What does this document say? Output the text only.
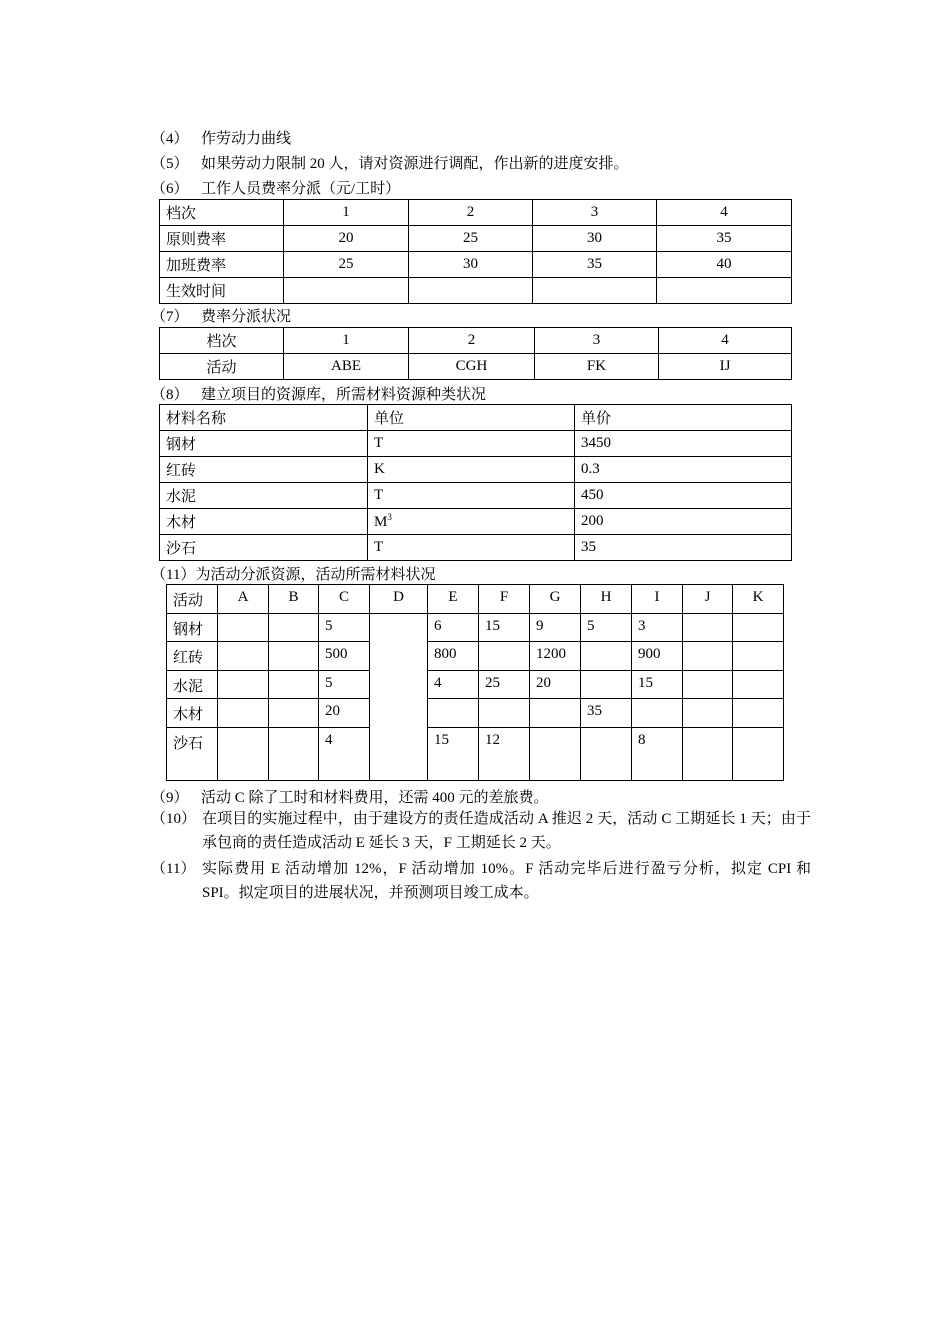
（4） 作劳动力曲线
（5） 如果劳动力限制 20 人，请对资源进行调配，作出新的进度安排。
（6） 工作人员费率分派（元/工时）
档次	1	2	3	4
原则费率	20	25	30	35
加班费率	25	30	35	40
生效时间				
（7） 费率分派状况
档次	1	2	3	4
活动	ABE	CGH	FK	IJ
（8） 建立项目的资源库，所需材料资源种类状况
材料名称	单位	单价
钢材	T	3450
红砖	K	0.3
水泥	T	450
木材	$M^3$	200
沙石	T	35
（11）为活动分派资源，活动所需材料状况
活动	A	B	C	D	E	F	G	H	I	J	K
钢材			5		6	15	9	5	3		
红砖			500		800		1200		900		
水泥			5		4	25	20		15		
木材			20					35			
沙石			4		15	12			8		
（9） 活动 C 除了工时和材料费用，还需 400 元的差旅费。
（10） 在项目的实施过程中，由于建设方的责任造成活动 A 推迟 2 天，活动 C 工期延长 1 天；由于承包商的责任造成活动 E 延长 3 天，F 工期延长 2 天。
（11） 实际费用 E 活动增加 12%，F 活动增加 10%。F 活动完毕后进行盈亏分析，拟定 CPI 和 SPI。拟定项目的进展状况，并预测项目竣工成本。
